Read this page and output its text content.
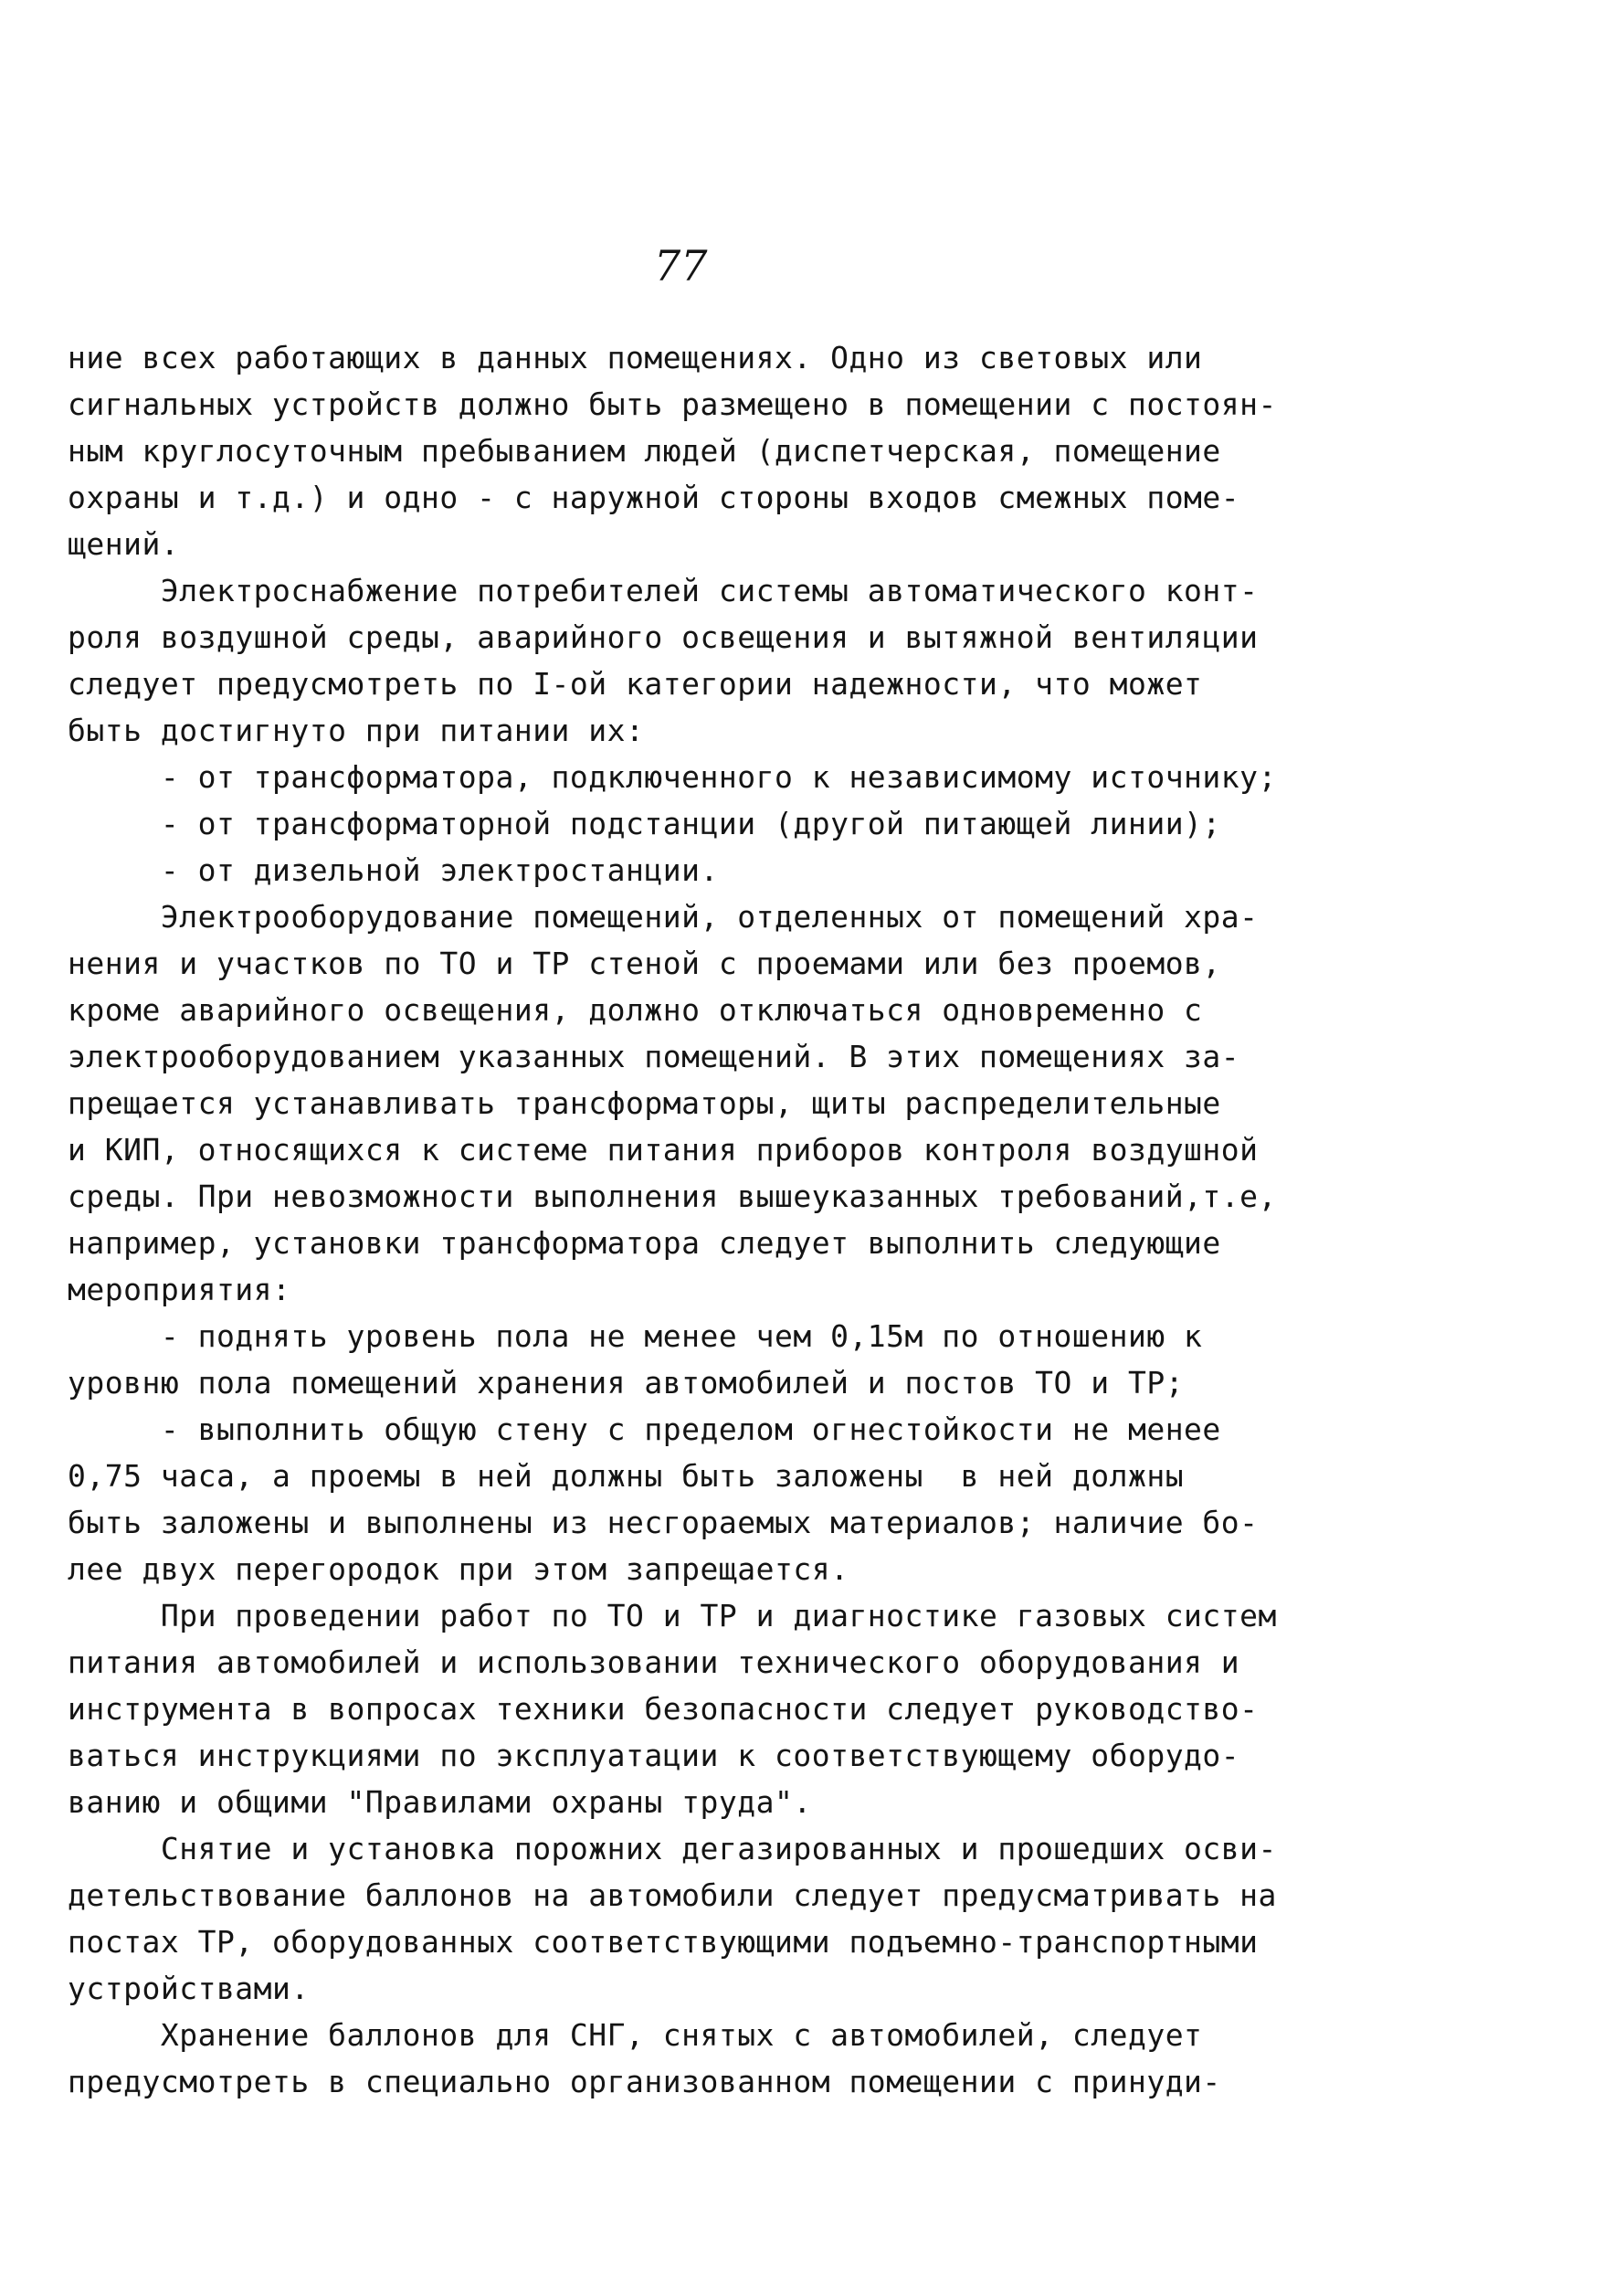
77
ние всех работающих в данных помещениях. Одно из световых или
сигнальных устройств должно быть размещено в помещении с постоян-
ным круглосуточным пребыванием людей (диспетчерская, помещение
охраны и т.д.) и одно - с наружной стороны входов смежных поме-
щений.
Электроснабжение потребителей системы автоматического конт-
роля воздушной среды, аварийного освещения и вытяжной вентиляции
следует предусмотреть по I-ой категории надежности, что может
быть достигнуто при питании их:
- от трансформатора, подключенного к независимому источнику;
- от трансформаторной подстанции (другой питающей линии);
- от дизельной электростанции.
Электрооборудование помещений, отделенных от помещений хра-
нения и участков по ТО и ТР стеной с проемами или без проемов,
кроме аварийного освещения, должно отключаться одновременно с
электрооборудованием указанных помещений. В этих помещениях за-
прещается устанавливать трансформаторы, щиты распределительные
и КИП, относящихся к системе питания приборов контроля воздушной
среды. При невозможности выполнения вышеуказанных требований,т.е,
например, установки трансформатора следует выполнить следующие
мероприятия:
- поднять уровень пола не менее чем 0,15м по отношению к
уровню пола помещений хранения автомобилей и постов ТО и ТР;
- выполнить общую стену с пределом огнестойкости не менее
0,75 часа, а проемы в ней должны быть заложены  в ней должны
быть заложены и выполнены из несгораемых материалов; наличие бо-
лее двух перегородок при этом запрещается.
При проведении работ по ТО и ТР и диагностике газовых систем
питания автомобилей и использовании технического оборудования и
инструмента в вопросах техники безопасности следует руководство-
ваться инструкциями по эксплуатации к соответствующему оборудо-
ванию и общими "Правилами охраны труда".
Снятие и установка порожних дегазированных и прошедших осви-
детельствование баллонов на автомобили следует предусматривать на
постах ТР, оборудованных соответствующими подъемно-транспортными
устройствами.
Хранение баллонов для СНГ, снятых с автомобилей, следует
предусмотреть в специально организованном помещении с принуди-
